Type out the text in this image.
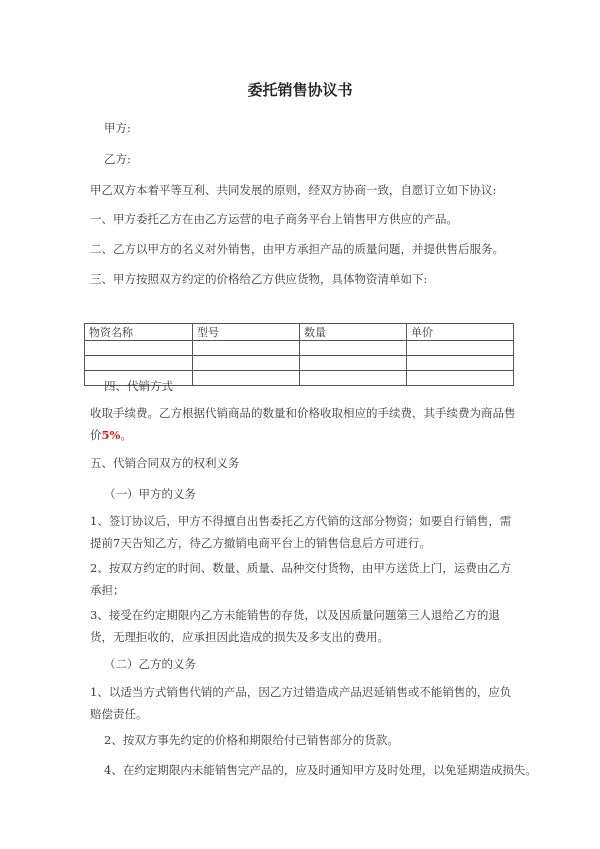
委托销售协议书
甲方:
乙方:
甲乙双方本着平等互利、共同发展的原则，经双方协商一致，自愿订立如下协议:
一、甲方委托乙方在由乙方运营的电子商务平台上销售甲方供应的产品。
二、乙方以甲方的名义对外销售，由甲方承担产品的质量问题，并提供售后服务。
三、甲方按照双方约定的价格给乙方供应货物，具体物资清单如下:
物资名称	型号	数量	单价

四、代销方式
收取手续费。乙方根据代销商品的数量和价格收取相应的手续费，其手续费为商品售价5%。
五、代销合同双方的权利义务
（一）甲方的义务
1、签订协议后，甲方不得擅自出售委托乙方代销的这部分物资；如要自行销售，需提前7天告知乙方，待乙方撤销电商平台上的销售信息后方可进行。
2、按双方约定的时间、数量、质量、品种交付货物，由甲方送货上门，运费由乙方承担；
3、接受在约定期限内乙方未能销售的存货，以及因质量问题第三人退给乙方的退货，无理拒收的，应承担因此造成的损失及多支出的费用。
（二）乙方的义务
1、以适当方式销售代销的产品，因乙方过错造成产品迟延销售或不能销售的，应负赔偿责任。
2、按双方事先约定的价格和期限给付已销售部分的货款。
4、在约定期限内未能销售完产品的，应及时通知甲方及时处理，以免延期造成损失。
